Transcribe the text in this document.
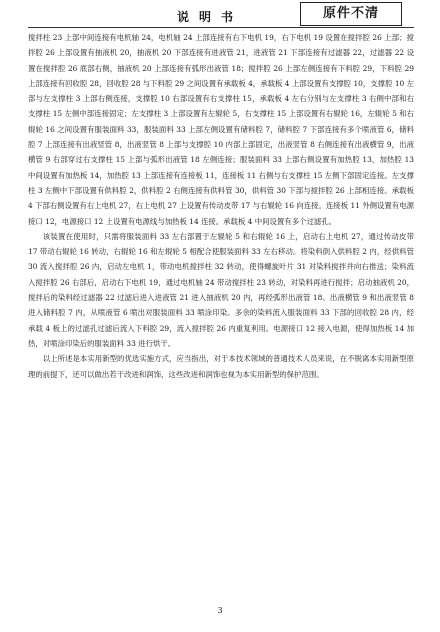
说明书	原件不清

搅拌柱 23 上部中间连接有电机轴 24，电机轴 24 上部连接有右下电机 19，右下电机 19 设置在搅拌腔 26 上部；搅拌腔 26 上部设置有抽液机 20，抽液机 20 下部连接有进液管 21，进液管 21 下部连接有过滤器 22，过滤器 22 设置在搅拌腔 26 底部右侧，抽液机 20 上部连接有弧形出液管 18；搅拌腔 26 上部左侧连接有下料腔 29，下料腔 29 上部连接有回收腔 28，回收腔 28 与下料腔 29 之间设置有承载板 4，承载板 4 上部设置有支撑腔 10，支撑腔 10 左部与左支撑柱 3 上部右侧连接，支撑腔 10 右部设置有右支撑柱 15，承载板 4 左右分别与左支撑柱 3 右侧中部和右支撑柱 15 左侧中部连接固定；左支撑柱 3 上部设置有左辊轮 5，右支撑柱 15 上部设置有右辊轮 16，左辊轮 5 和右辊轮 16 之间设置有服装面料 33，服装面料 33 上部左侧设置有储料腔 7，储料腔 7 下部连接有多个喷液管 6，储料腔 7 上部连接有出液竖管 8，出液竖管 8 上部与支撑腔 10 内部上部固定，出液竖管 8 右侧连接有出液横管 9，出液横管 9 右部穿过右支撑柱 15 上部与弧形出液管 18 左侧连接；服装面料 33 上部右侧设置有加热腔 13，加热腔 13 中间设置有加热板 14，加热腔 13 上部连接有连接板 11，连接板 11 右侧与右支撑柱 15 左侧下部固定连接。左支撑柱 3 左侧中下部设置有供料腔 2，供料腔 2 右侧连接有供料管 30，供料管 30 下部与搅拌腔 26 上部相连接。承载板 4 下部右侧设置有右上电机 27，右上电机 27 上设置有传动皮带 17 与右辊轮 16 向连接。连接板 11 外侧设置有电源接口 12，电源接口 12 上设置有电源线与加热板 14 连接。承载板 4 中间设置有多个过滤孔。

该装置在使用时，只需将服装面料 33 左右部置于左辊轮 5 和右辊轮 16 上，启动右上电机 27，通过传动皮带 17 带动右辊轮 16 转动，右辊轮 16 和左辊轮 5 相配合使服装面料 33 左右移动。将染料倒入供料腔 2 内，经供料管 30 流入搅拌腔 26 内，启动左电机 1，带动电机搅拌柱 32 转动，使得螺旋叶片 31 对染料搅拌并向右推送；染料流入搅拌腔 26 右部后，启动右下电机 19，通过电机轴 24 带动搅拌柱 23 转动，对染料再进行搅拌；启动抽液机 20，搅拌后的染料经过滤器 22 过滤后进入进液管 21 进入抽液机 20 内，再经弧形出液管 18、出液横管 9 和出液竖管 8 进入储料腔 7 内，从喷液管 6 喷出对服装面料 33 喷涂印染。多余的染料流入服装面料 33 下部的回收腔 28 内，经承载 4 板上的过滤孔过滤后流入下料腔 29，流入搅拌腔 26 内重复利用。电源接口 12 接入电源，使得加热板 14 加热，对喷涂印染后的服装面料 33 进行烘干。

以上所述是本实用新型的优选实施方式，应当指出，对于本技术领域的普通技术人员来说，在不脱离本实用新型原理的前提下，还可以做出若干改进和润饰，这些改进和润饰也视为本实用新型的保护范围。

3
